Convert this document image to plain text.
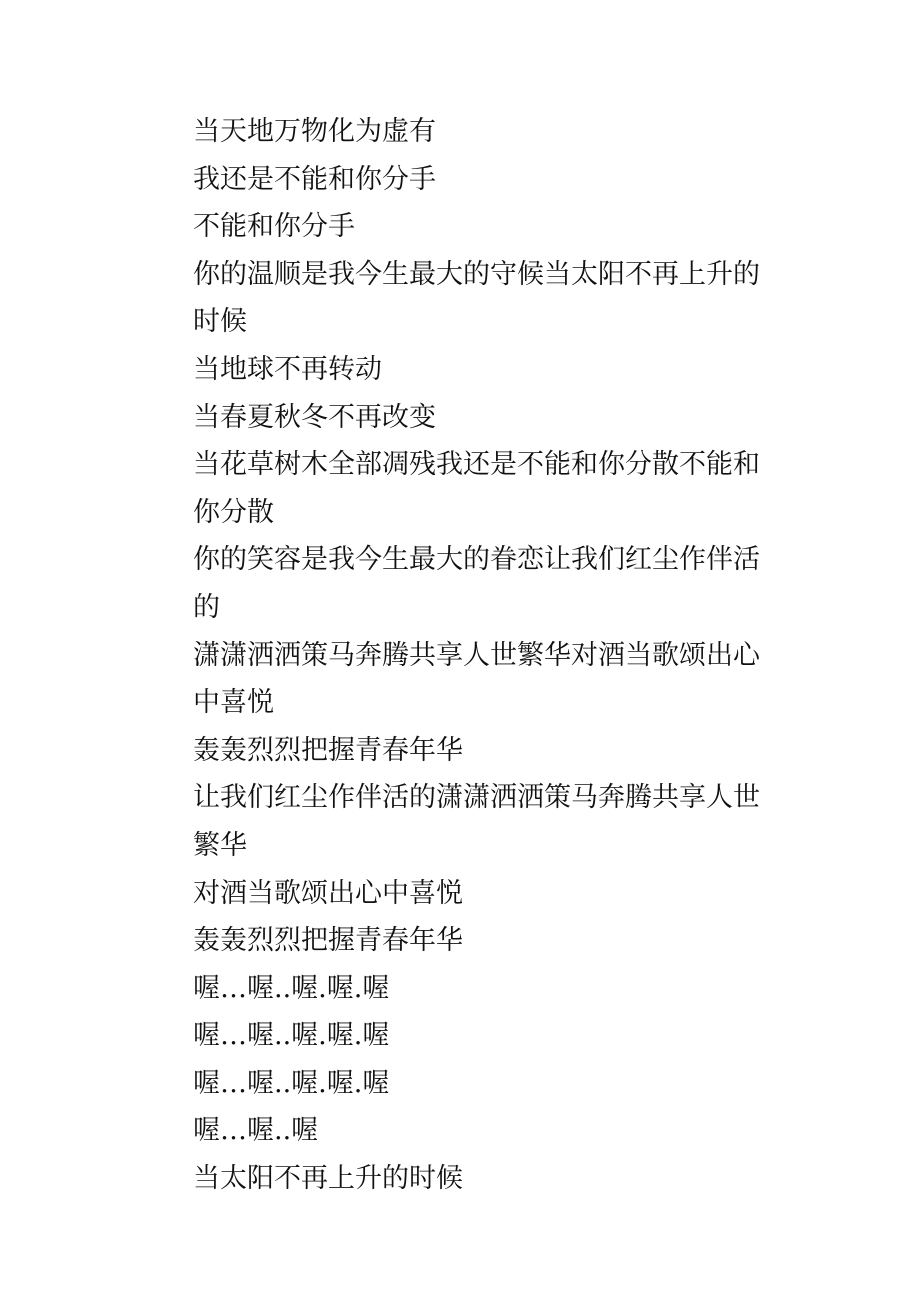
当天地万物化为虚有

我还是不能和你分手

不能和你分手

你的温顺是我今生最大的守候当太阳不再上升的时候

当地球不再转动

当春夏秋冬不再改变

当花草树木全部凋残我还是不能和你分散不能和你分散

你的笑容是我今生最大的眷恋让我们红尘作伴活的

潇潇洒洒策马奔腾共享人世繁华对酒当歌颂出心中喜悦

轰轰烈烈把握青春年华

让我们红尘作伴活的潇潇洒洒策马奔腾共享人世繁华

对酒当歌颂出心中喜悦

轰轰烈烈把握青春年华

喔…喔..喔.喔.喔

喔…喔..喔.喔.喔

喔…喔..喔.喔.喔

喔…喔..喔

当太阳不再上升的时候
